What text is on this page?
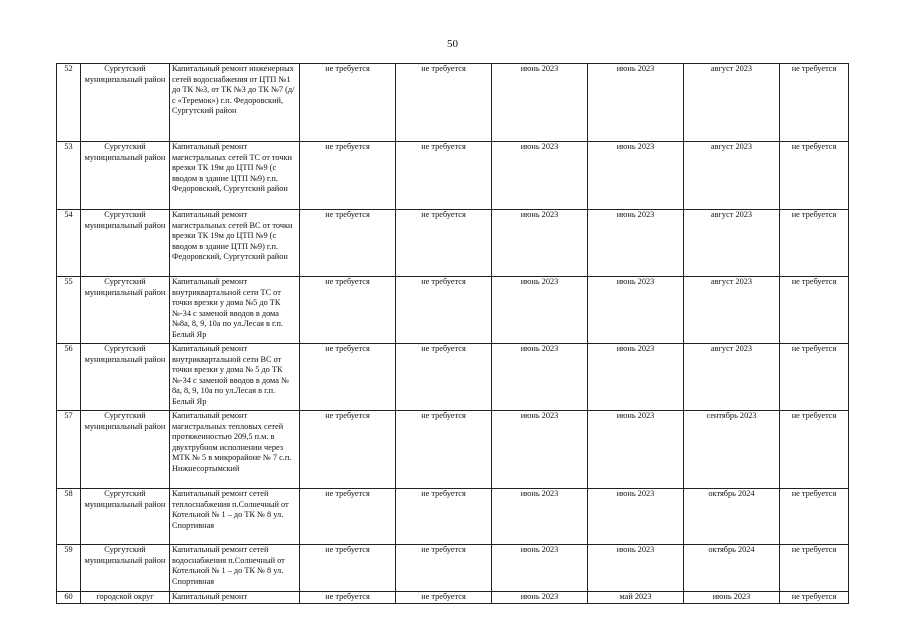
50
52	Сургутский муниципальный район	Капитальный ремонт инженерных сетей водоснабжения от ЦТП №1 до ТК №3, от ТК №3 до ТК №7 (д/с «Теремок») г.п. Федоровский, Сургутский район	не требуется	не требуется	июнь 2023	июнь 2023	август 2023	не требуется
53	Сургутский муниципальный район	Капитальный ремонт магистральных сетей ТС от точки врезки ТК 19м до ЦТП №9 (с вводом в здание ЦТП №9) г.п. Федоровский, Сургутский район	не требуется	не требуется	июнь 2023	июнь 2023	август 2023	не требуется
54	Сургутский муниципальный район	Капитальный ремонт магистральных сетей ВС от точки врезки ТК 19м до ЦТП №9 (с вводом в здание ЦТП №9) г.п. Федоровский, Сургутский район	не требуется	не требуется	июнь 2023	июнь 2023	август 2023	не требуется
55	Сургутский муниципальный район	Капитальный ремонт внутриквартальной сети ТС от точки врезки у дома №5 до ТК №-34 с заменой вводов в дома №8а, 8, 9, 10а по ул.Лесая в г.п. Белый Яр	не требуется	не требуется	июнь 2023	июнь 2023	август 2023	не требуется
56	Сургутский муниципальный район	Капитальный ремонт внутриквартальной сети ВС от точки врезки у дома № 5 до ТК №-34 с заменой вводов в дома № 8а, 8, 9, 10а по ул.Лесая в г.п. Белый Яр	не требуется	не требуется	июнь 2023	июнь 2023	август 2023	не требуется
57	Сургутский муниципальный район	Капитальный ремонт магистральных тепловых сетей протяженностью 209,5 п.м. в двухтрубном исполнении через МТК № 5 в микрорайоне № 7 с.п. Нижнесортымский	не требуется	не требуется	июнь 2023	июнь 2023	сентябрь 2023	не требуется
58	Сургутский муниципальный район	Капитальный ремонт сетей теплоснабжения п.Солнечный от Котельной № 1 – до ТК № 8 ул. Спортивная	не требуется	не требуется	июнь 2023	июнь 2023	октябрь 2024	не требуется
59	Сургутский муниципальный район	Капитальный ремонт сетей водоснабжения п.Солнечный от Котельной № 1 – до ТК № 8 ул. Спортивная	не требуется	не требуется	июнь 2023	июнь 2023	октябрь 2024	не требуется
60	городской округ	Капитальный ремонт	не требуется	не требуется	июнь 2023	май 2023	июнь 2023	не требуется
